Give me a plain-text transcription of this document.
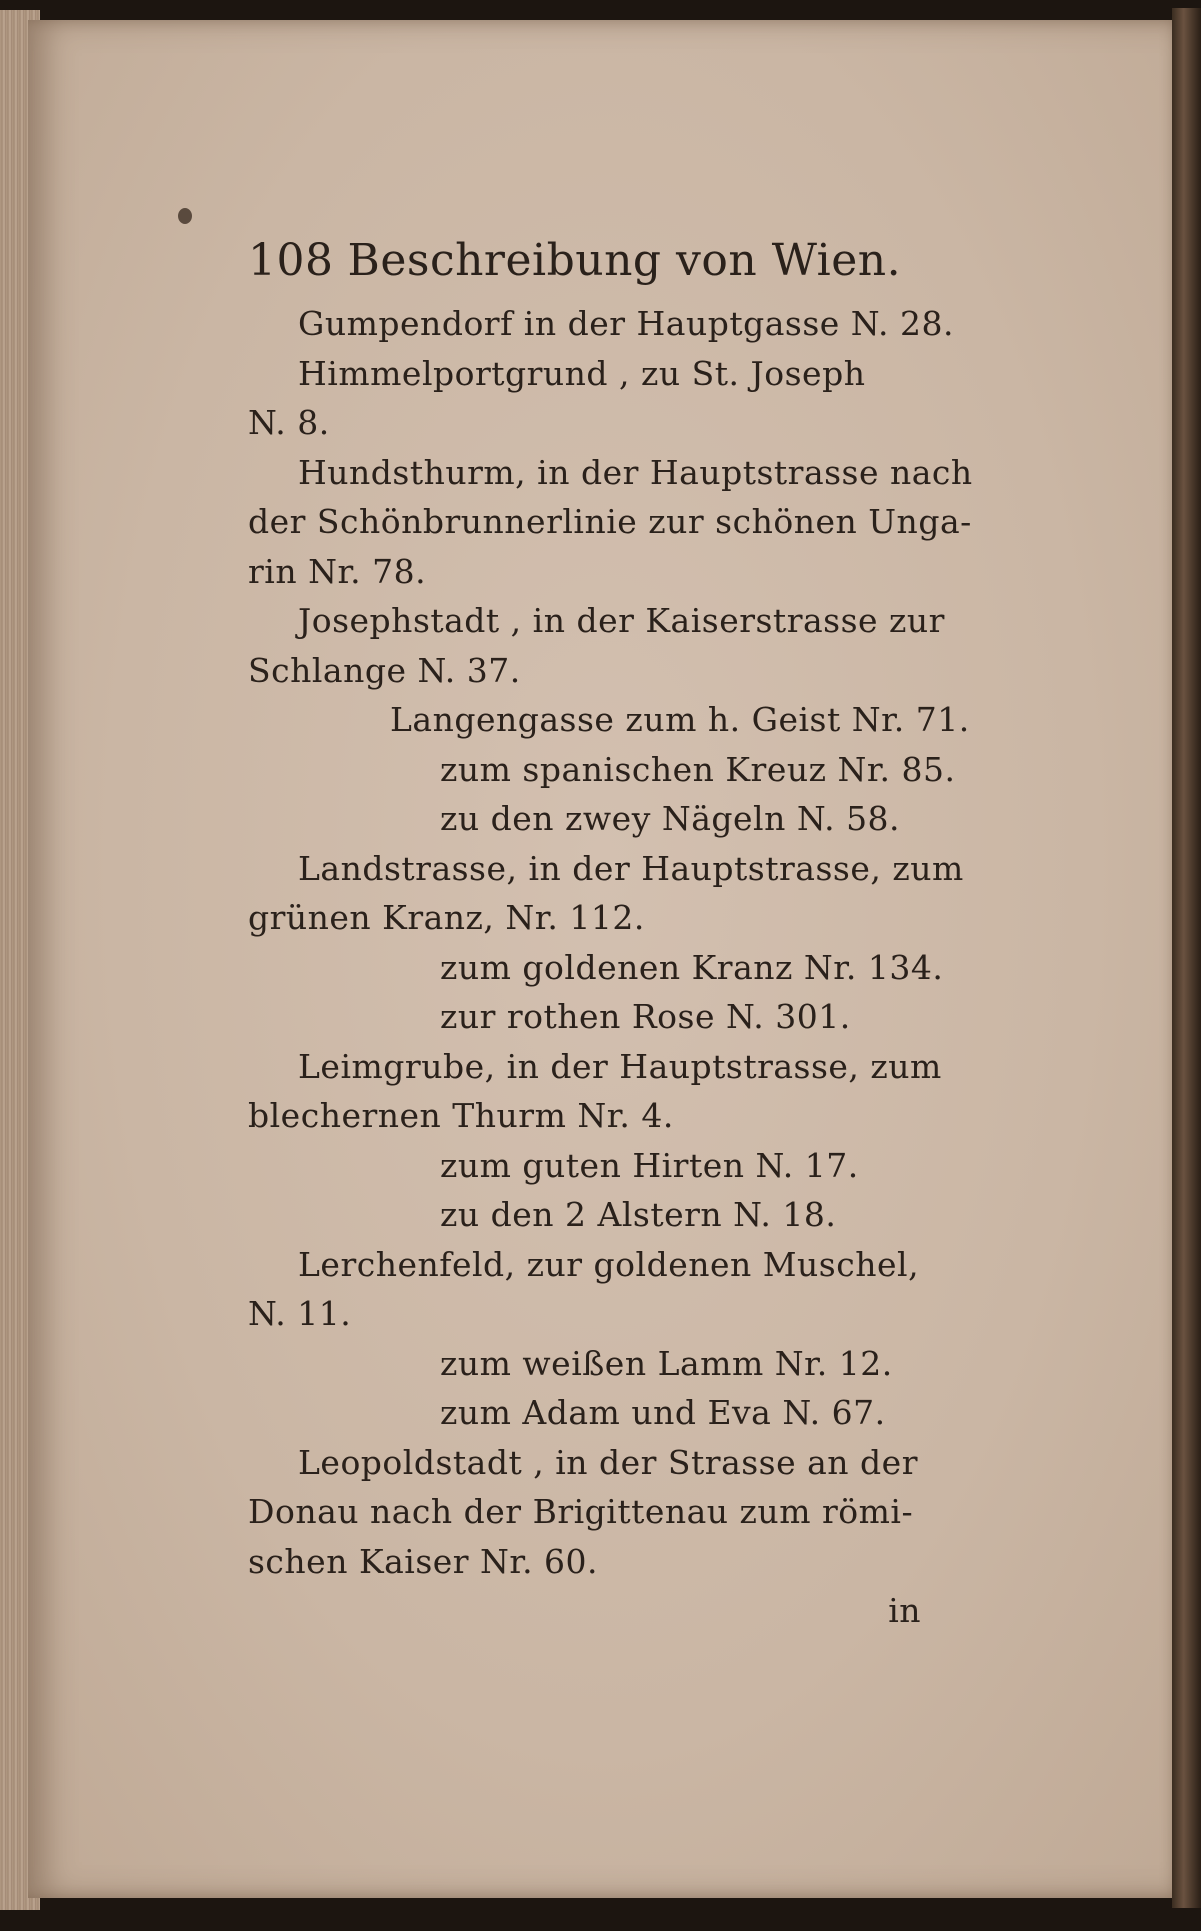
108 Beschreibung von Wien.
Gumpendorf in der Hauptgasse N. 28.
Himmelportgrund , zu St. Joseph
N. 8.
Hundsthurm, in der Hauptstrasse nach
der Schönbrunnerlinie zur schönen Unga-
rin Nr. 78.
Josephstadt , in der Kaiserstrasse zur
Schlange N. 37.
Langengasse zum h. Geist Nr. 71.
zum spanischen Kreuz Nr. 85.
zu den zwey Nägeln N. 58.
Landstrasse, in der Hauptstrasse, zum
grünen Kranz, Nr. 112.
zum goldenen Kranz Nr. 134.
zur rothen Rose N. 301.
Leimgrube, in der Hauptstrasse, zum
blechernen Thurm Nr. 4.
zum guten Hirten N. 17.
zu den 2 Alstern N. 18.
Lerchenfeld, zur goldenen Muschel,
N. 11.
zum weißen Lamm Nr. 12.
zum Adam und Eva N. 67.
Leopoldstadt , in der Strasse an der
Donau nach der Brigittenau zum römi-
schen Kaiser Nr. 60.
in
